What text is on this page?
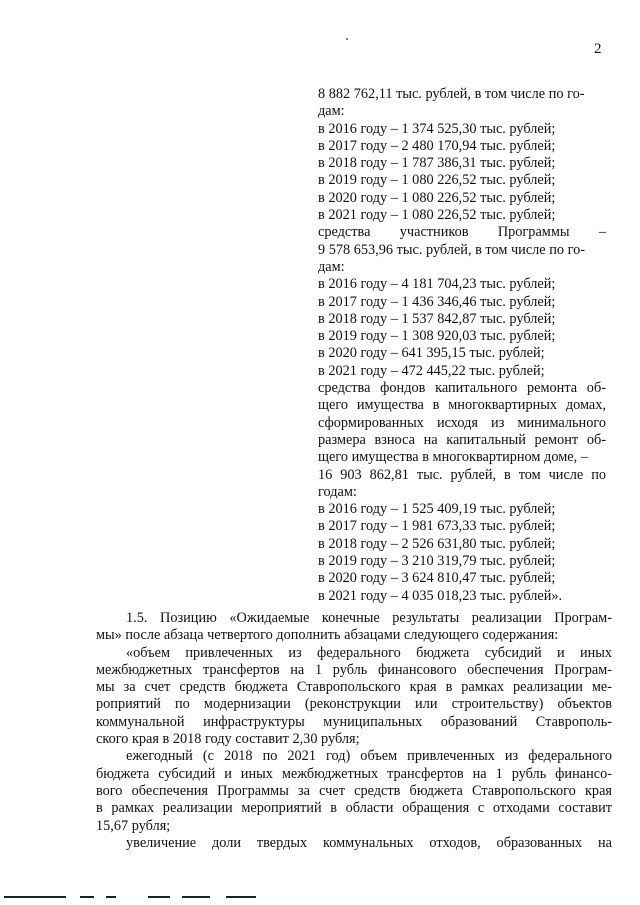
2
8 882 762,11 тыс. рублей, в том числе по го-
дам:
в 2016 году – 1 374 525,30 тыс. рублей;
в 2017 году – 2 480 170,94 тыс. рублей;
в 2018 году – 1 787 386,31 тыс. рублей;
в 2019 году – 1 080 226,52 тыс. рублей;
в 2020 году – 1 080 226,52 тыс. рублей;
в 2021 году – 1 080 226,52 тыс. рублей;
средства участников Программы –
9 578 653,96 тыс. рублей, в том числе по го-
дам:
в 2016 году – 4 181 704,23 тыс. рублей;
в 2017 году – 1 436 346,46 тыс. рублей;
в 2018 году – 1 537 842,87 тыс. рублей;
в 2019 году – 1 308 920,03 тыс. рублей;
в 2020 году – 641 395,15 тыс. рублей;
в 2021 году – 472 445,22 тыс. рублей;
средства фондов капитального ремонта об-
щего имущества в многоквартирных домах,
сформированных исходя из минимального
размера взноса на капитальный ремонт об-
щего имущества в многоквартирном доме, –
16 903 862,81 тыс. рублей, в том числе по
годам:
в 2016 году – 1 525 409,19 тыс. рублей;
в 2017 году – 1 981 673,33 тыс. рублей;
в 2018 году – 2 526 631,80 тыс. рублей;
в 2019 году – 3 210 319,79 тыс. рублей;
в 2020 году – 3 624 810,47 тыс. рублей;
в 2021 году – 4 035 018,23 тыс. рублей».
1.5. Позицию «Ожидаемые конечные результаты реализации Програм-
мы» после абзаца четвертого дополнить абзацами следующего содержания:
«объем привлеченных из федерального бюджета субсидий и иных
межбюджетных трансфертов на 1 рубль финансового обеспечения Програм-
мы за счет средств бюджета Ставропольского края в рамках реализации ме-
роприятий по модернизации (реконструкции или строительству) объектов
коммунальной инфраструктуры муниципальных образований Ставрополь-
ского края в 2018 году составит 2,30 рубля;
ежегодный (с 2018 по 2021 год) объем привлеченных из федерального
бюджета субсидий и иных межбюджетных трансфертов на 1 рубль финансо-
вого обеспечения Программы за счет средств бюджета Ставропольского края
в рамках реализации мероприятий в области обращения с отходами составит
15,67 рубля;
увеличение доли твердых коммунальных отходов, образованных на
